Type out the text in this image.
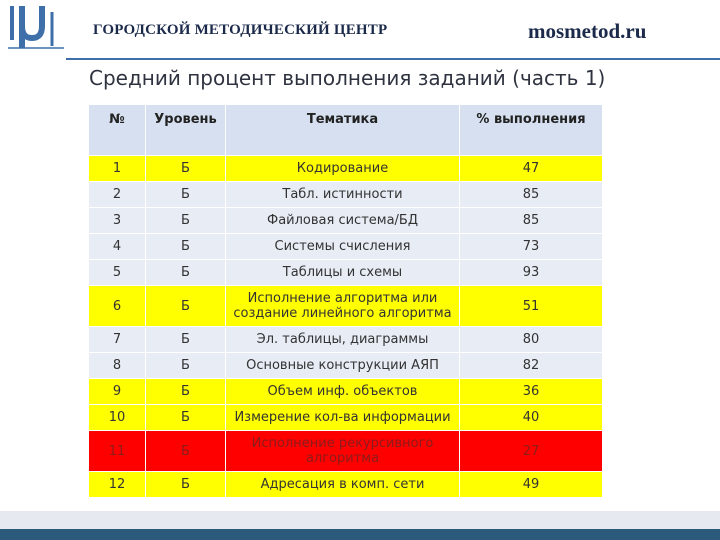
ГОРОДСКОЙ МЕТОДИЧЕСКИЙ ЦЕНТР	mosmetod.ru
Средний процент выполнения заданий (часть 1)
№	Уровень	Тематика	% выполнения
1	Б	Кодирование	47
2	Б	Табл. истинности	85
3	Б	Файловая система/БД	85
4	Б	Системы счисления	73
5	Б	Таблицы и схемы	93
6	Б	Исполнение алгоритма или создание линейного алгоритма	51
7	Б	Эл. таблицы, диаграммы	80
8	Б	Основные конструкции АЯП	82
9	Б	Объем инф. объектов	36
10	Б	Измерение кол-ва информации	40
11	Б	Исполнение рекурсивного алгоритма	27
12	Б	Адресация в комп. сети	49
